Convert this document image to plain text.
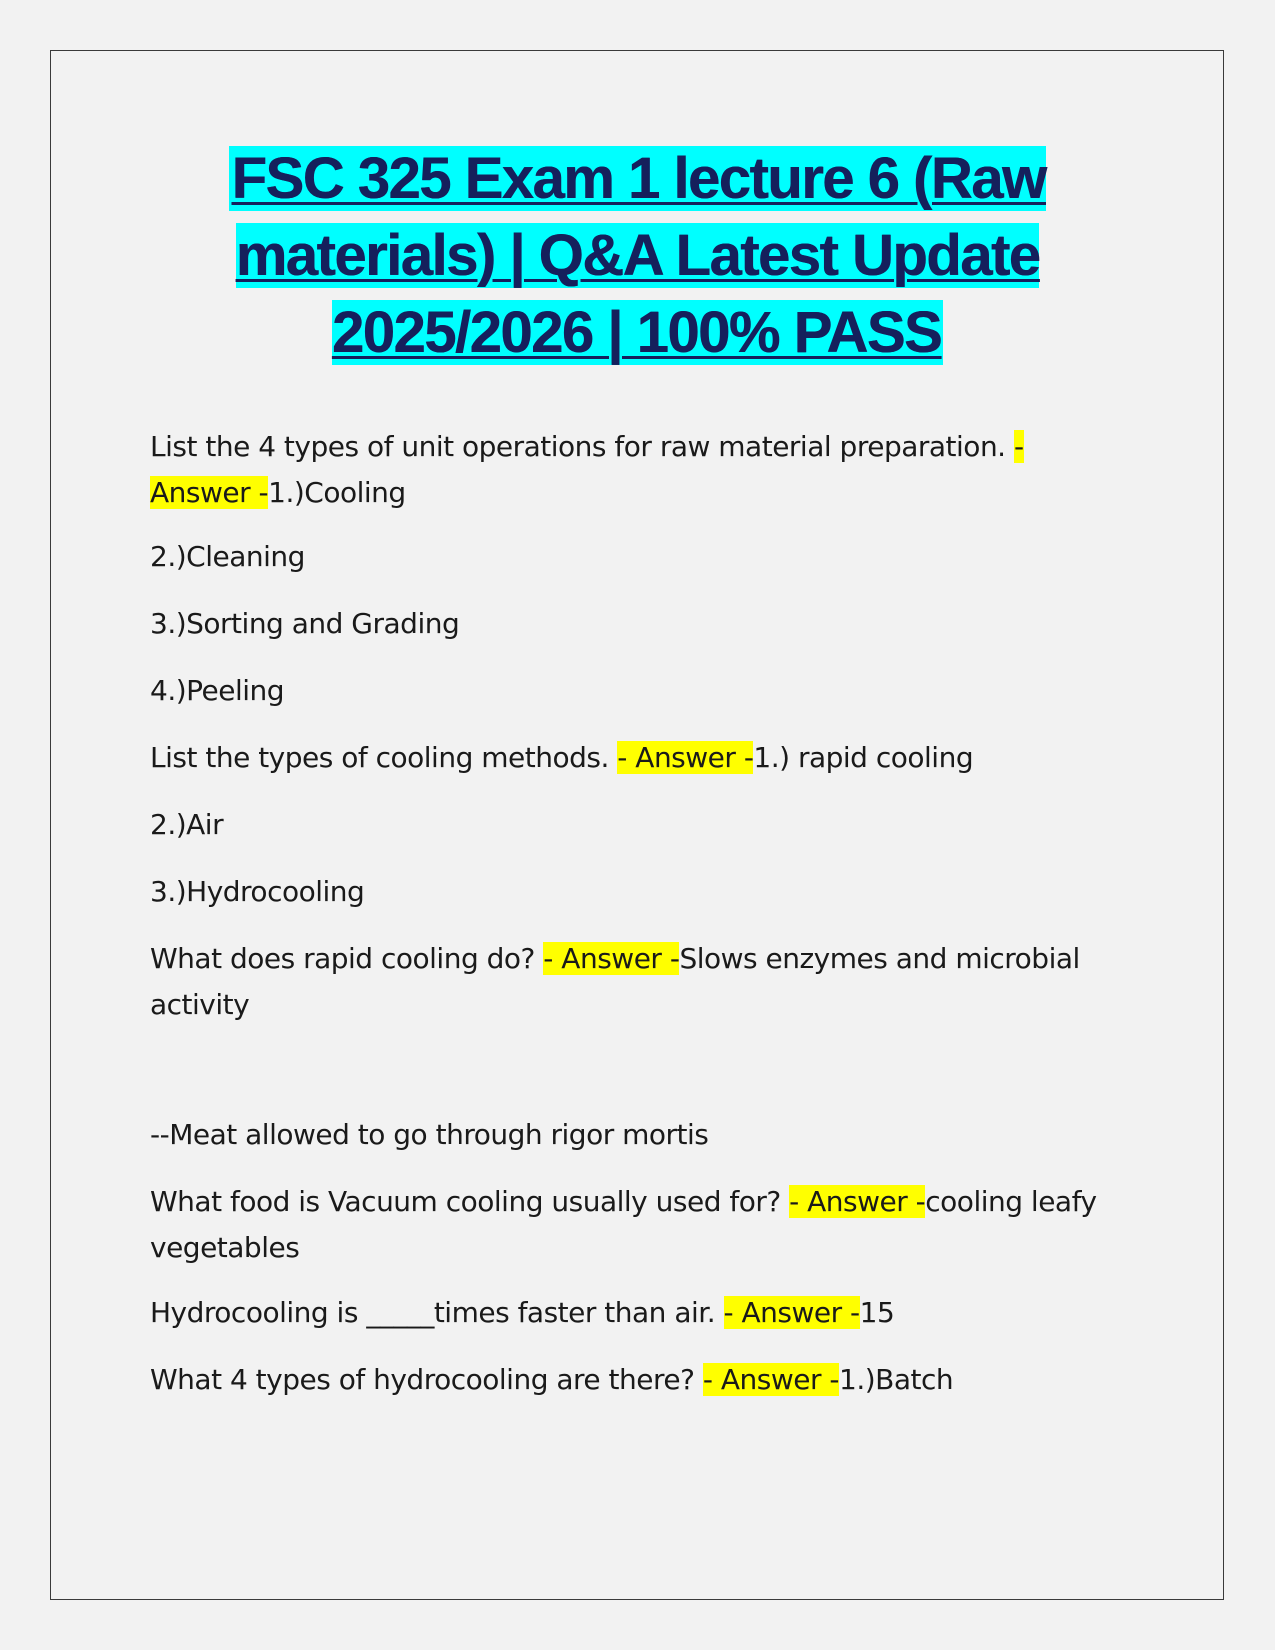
FSC 325 Exam 1 lecture 6 (Raw materials) | Q&A Latest Update 2025/2026 | 100% PASS

List the 4 types of unit operations for raw material preparation. - Answer -1.)Cooling

2.)Cleaning

3.)Sorting and Grading

4.)Peeling

List the types of cooling methods. - Answer -1.) rapid cooling

2.)Air

3.)Hydrocooling

What does rapid cooling do? - Answer -Slows enzymes and microbial activity

--Meat allowed to go through rigor mortis

What food is Vacuum cooling usually used for? - Answer -cooling leafy vegetables

Hydrocooling is _____times faster than air. - Answer -15

What 4 types of hydrocooling are there? - Answer -1.)Batch
